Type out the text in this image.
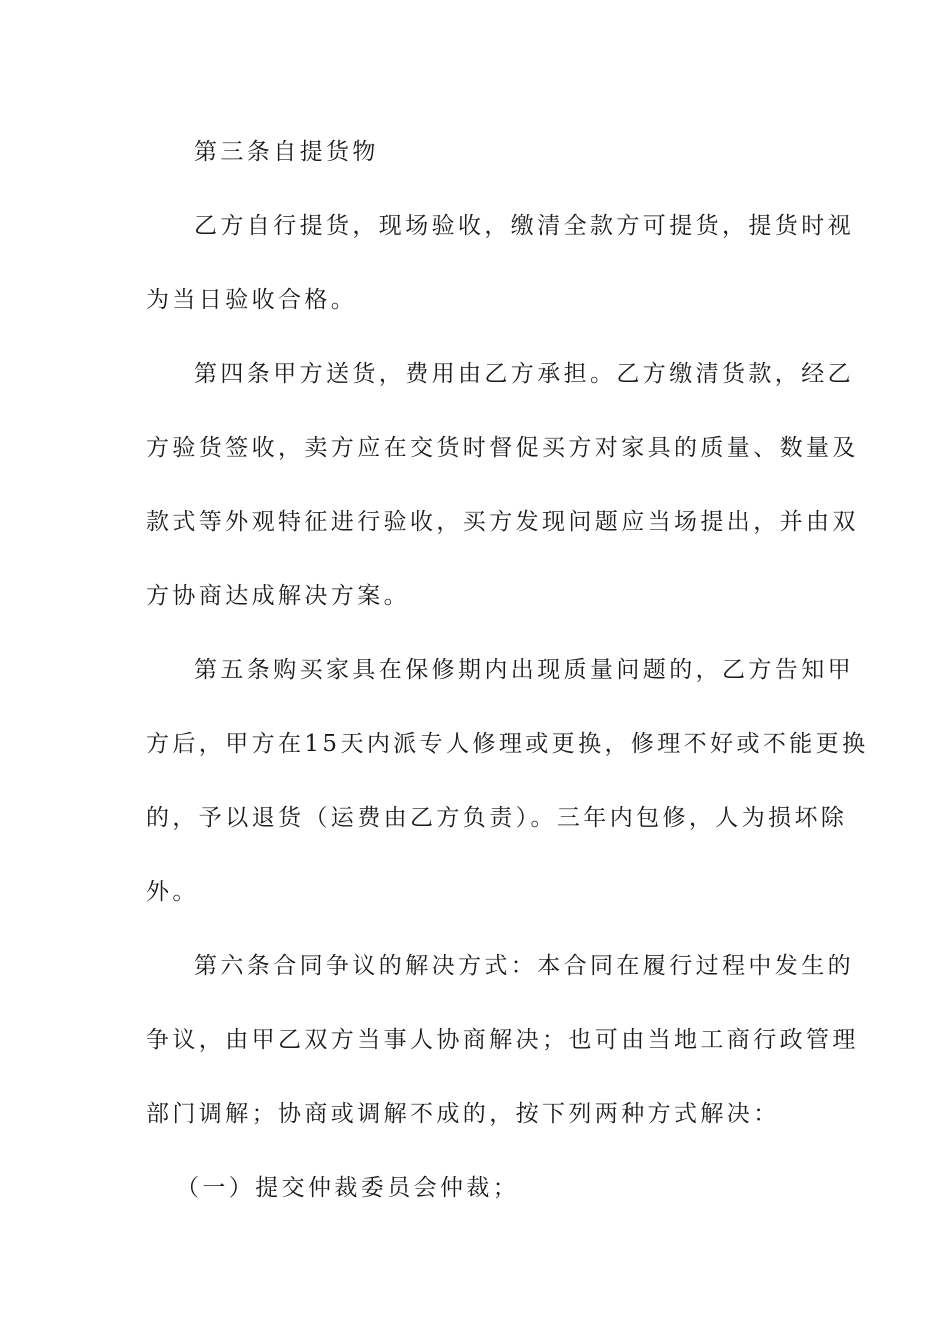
第三条自提货物
乙方自行提货，现场验收，缴清全款方可提货，提货时视
为当日验收合格。
第四条甲方送货，费用由乙方承担。乙方缴清货款，经乙
方验货签收，卖方应在交货时督促买方对家具的质量、数量及
款式等外观特征进行验收，买方发现问题应当场提出，并由双
方协商达成解决方案。
第五条购买家具在保修期内出现质量问题的，乙方告知甲
方后，甲方在15天内派专人修理或更换，修理不好或不能更换
的，予以退货（运费由乙方负责）。三年内包修，人为损坏除
外。
第六条合同争议的解决方式：本合同在履行过程中发生的
争议，由甲乙双方当事人协商解决；也可由当地工商行政管理
部门调解；协商或调解不成的，按下列两种方式解决：
（一）提交仲裁委员会仲裁；
